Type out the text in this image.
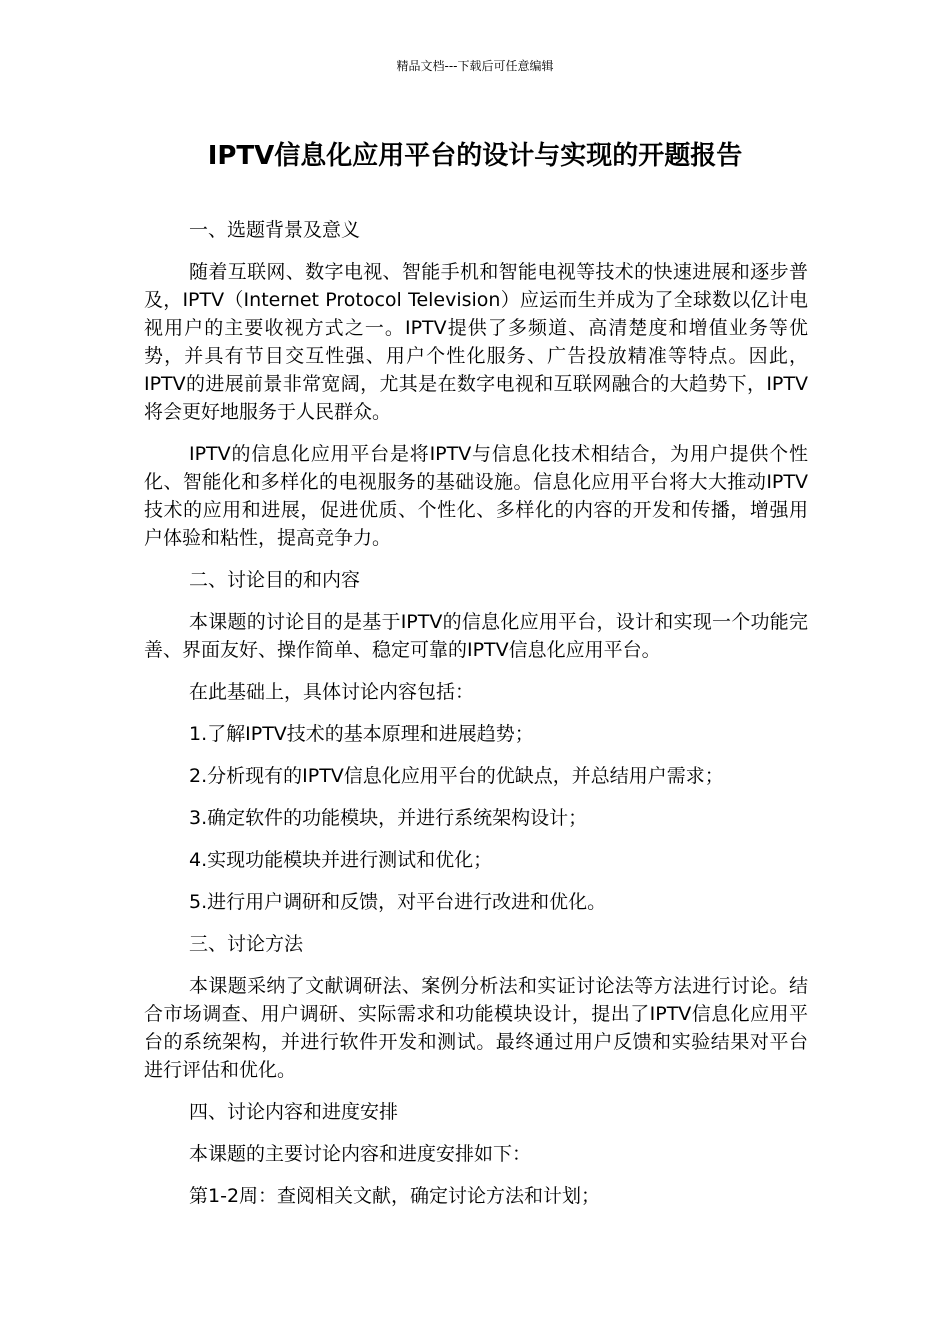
精品文档---下载后可任意编辑
IPTV信息化应用平台的设计与实现的开题报告

一、选题背景及意义

随着互联网、数字电视、智能手机和智能电视等技术的快速进展和逐步普及，IPTV（Internet Protocol Television）应运而生并成为了全球数以亿计电视用户的主要收视方式之一。IPTV提供了多频道、高清楚度和增值业务等优势，并具有节目交互性强、用户个性化服务、广告投放精准等特点。因此，IPTV的进展前景非常宽阔，尤其是在数字电视和互联网融合的大趋势下，IPTV将会更好地服务于人民群众。

IPTV的信息化应用平台是将IPTV与信息化技术相结合，为用户提供个性化、智能化和多样化的电视服务的基础设施。信息化应用平台将大大推动IPTV技术的应用和进展，促进优质、个性化、多样化的内容的开发和传播，增强用户体验和粘性，提高竞争力。

二、讨论目的和内容

本课题的讨论目的是基于IPTV的信息化应用平台，设计和实现一个功能完善、界面友好、操作简单、稳定可靠的IPTV信息化应用平台。

在此基础上，具体讨论内容包括：

1.了解IPTV技术的基本原理和进展趋势；

2.分析现有的IPTV信息化应用平台的优缺点，并总结用户需求；

3.确定软件的功能模块，并进行系统架构设计；

4.实现功能模块并进行测试和优化；

5.进行用户调研和反馈，对平台进行改进和优化。

三、讨论方法

本课题采纳了文献调研法、案例分析法和实证讨论法等方法进行讨论。结合市场调查、用户调研、实际需求和功能模块设计，提出了IPTV信息化应用平台的系统架构，并进行软件开发和测试。最终通过用户反馈和实验结果对平台进行评估和优化。

四、讨论内容和进度安排

本课题的主要讨论内容和进度安排如下：

第1-2周：查阅相关文献，确定讨论方法和计划；
